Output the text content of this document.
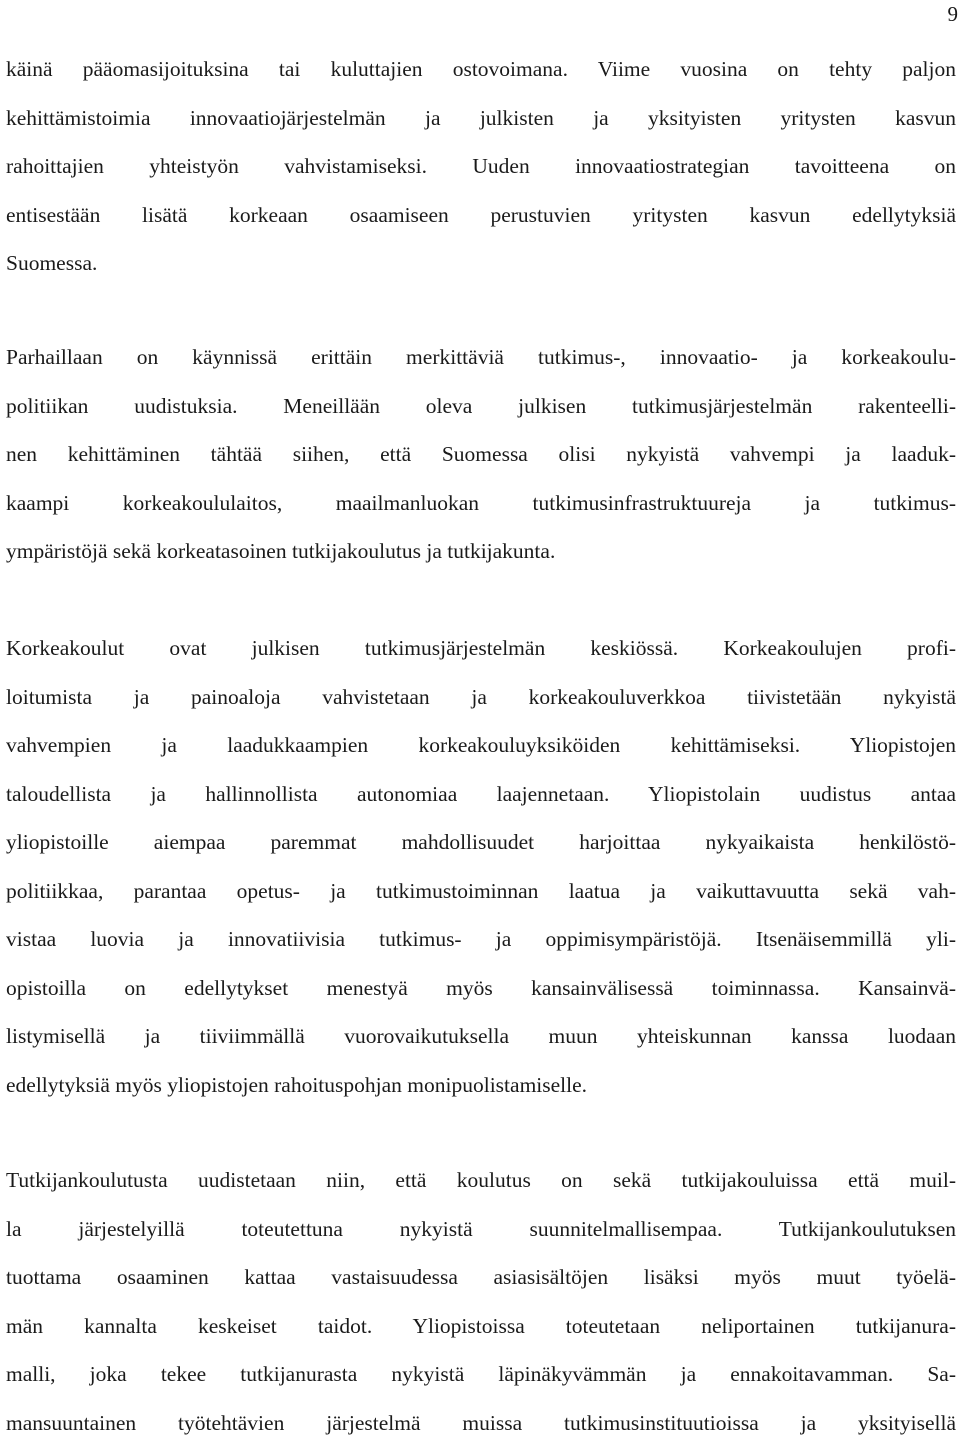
9
käinä pääomasijoituksina tai kuluttajien ostovoimana. Viime vuosina on tehty paljon
kehittämistoimia innovaatiojärjestelmän ja julkisten ja yksityisten yritysten kasvun
rahoittajien yhteistyön vahvistamiseksi. Uuden innovaatiostrategian tavoitteena on
entisestään lisätä korkeaan osaamiseen perustuvien yritysten kasvun edellytyksiä
Suomessa.
Parhaillaan on käynnissä erittäin merkittäviä tutkimus-, innovaatio- ja korkeakoulu-
politiikan uudistuksia. Meneillään oleva julkisen tutkimusjärjestelmän rakenteelli-
nen kehittäminen tähtää siihen, että Suomessa olisi nykyistä vahvempi ja laaduk-
kaampi korkeakoululaitos, maailmanluokan tutkimusinfrastruktuureja ja tutkimus-
ympäristöjä sekä korkeatasoinen tutkijakoulutus ja tutkijakunta.
Korkeakoulut ovat julkisen tutkimusjärjestelmän keskiössä. Korkeakoulujen profi-
loitumista ja painoaloja vahvistetaan ja korkeakouluverkkoa tiivistetään nykyistä
vahvempien ja laadukkaampien korkeakouluyksiköiden kehittämiseksi. Yliopistojen
taloudellista ja hallinnollista autonomiaa laajennetaan. Yliopistolain uudistus antaa
yliopistoille aiempaa paremmat mahdollisuudet harjoittaa nykyaikaista henkilöstö-
politiikkaa, parantaa opetus- ja tutkimustoiminnan laatua ja vaikuttavuutta sekä vah-
vistaa luovia ja innovatiivisia tutkimus- ja oppimisympäristöjä. Itsenäisemmillä yli-
opistoilla on edellytykset menestyä myös kansainvälisessä toiminnassa. Kansainvä-
listymisellä ja tiiviimmällä vuorovaikutuksella muun yhteiskunnan kanssa luodaan
edellytyksiä myös yliopistojen rahoituspohjan monipuolistamiselle.
Tutkijankoulutusta uudistetaan niin, että koulutus on sekä tutkijakouluissa että muil-
la järjestelyillä toteutettuna nykyistä suunnitelmallisempaa. Tutkijankoulutuksen
tuottama osaaminen kattaa vastaisuudessa asiasisältöjen lisäksi myös muut työelä-
män kannalta keskeiset taidot. Yliopistoissa toteutetaan neliportainen tutkijanura-
malli, joka tekee tutkijanurasta nykyistä läpinäkyvämmän ja ennakoitavamman. Sa-
mansuuntainen työtehtävien järjestelmä muissa tutkimusinstituutioissa ja yksityisellä
